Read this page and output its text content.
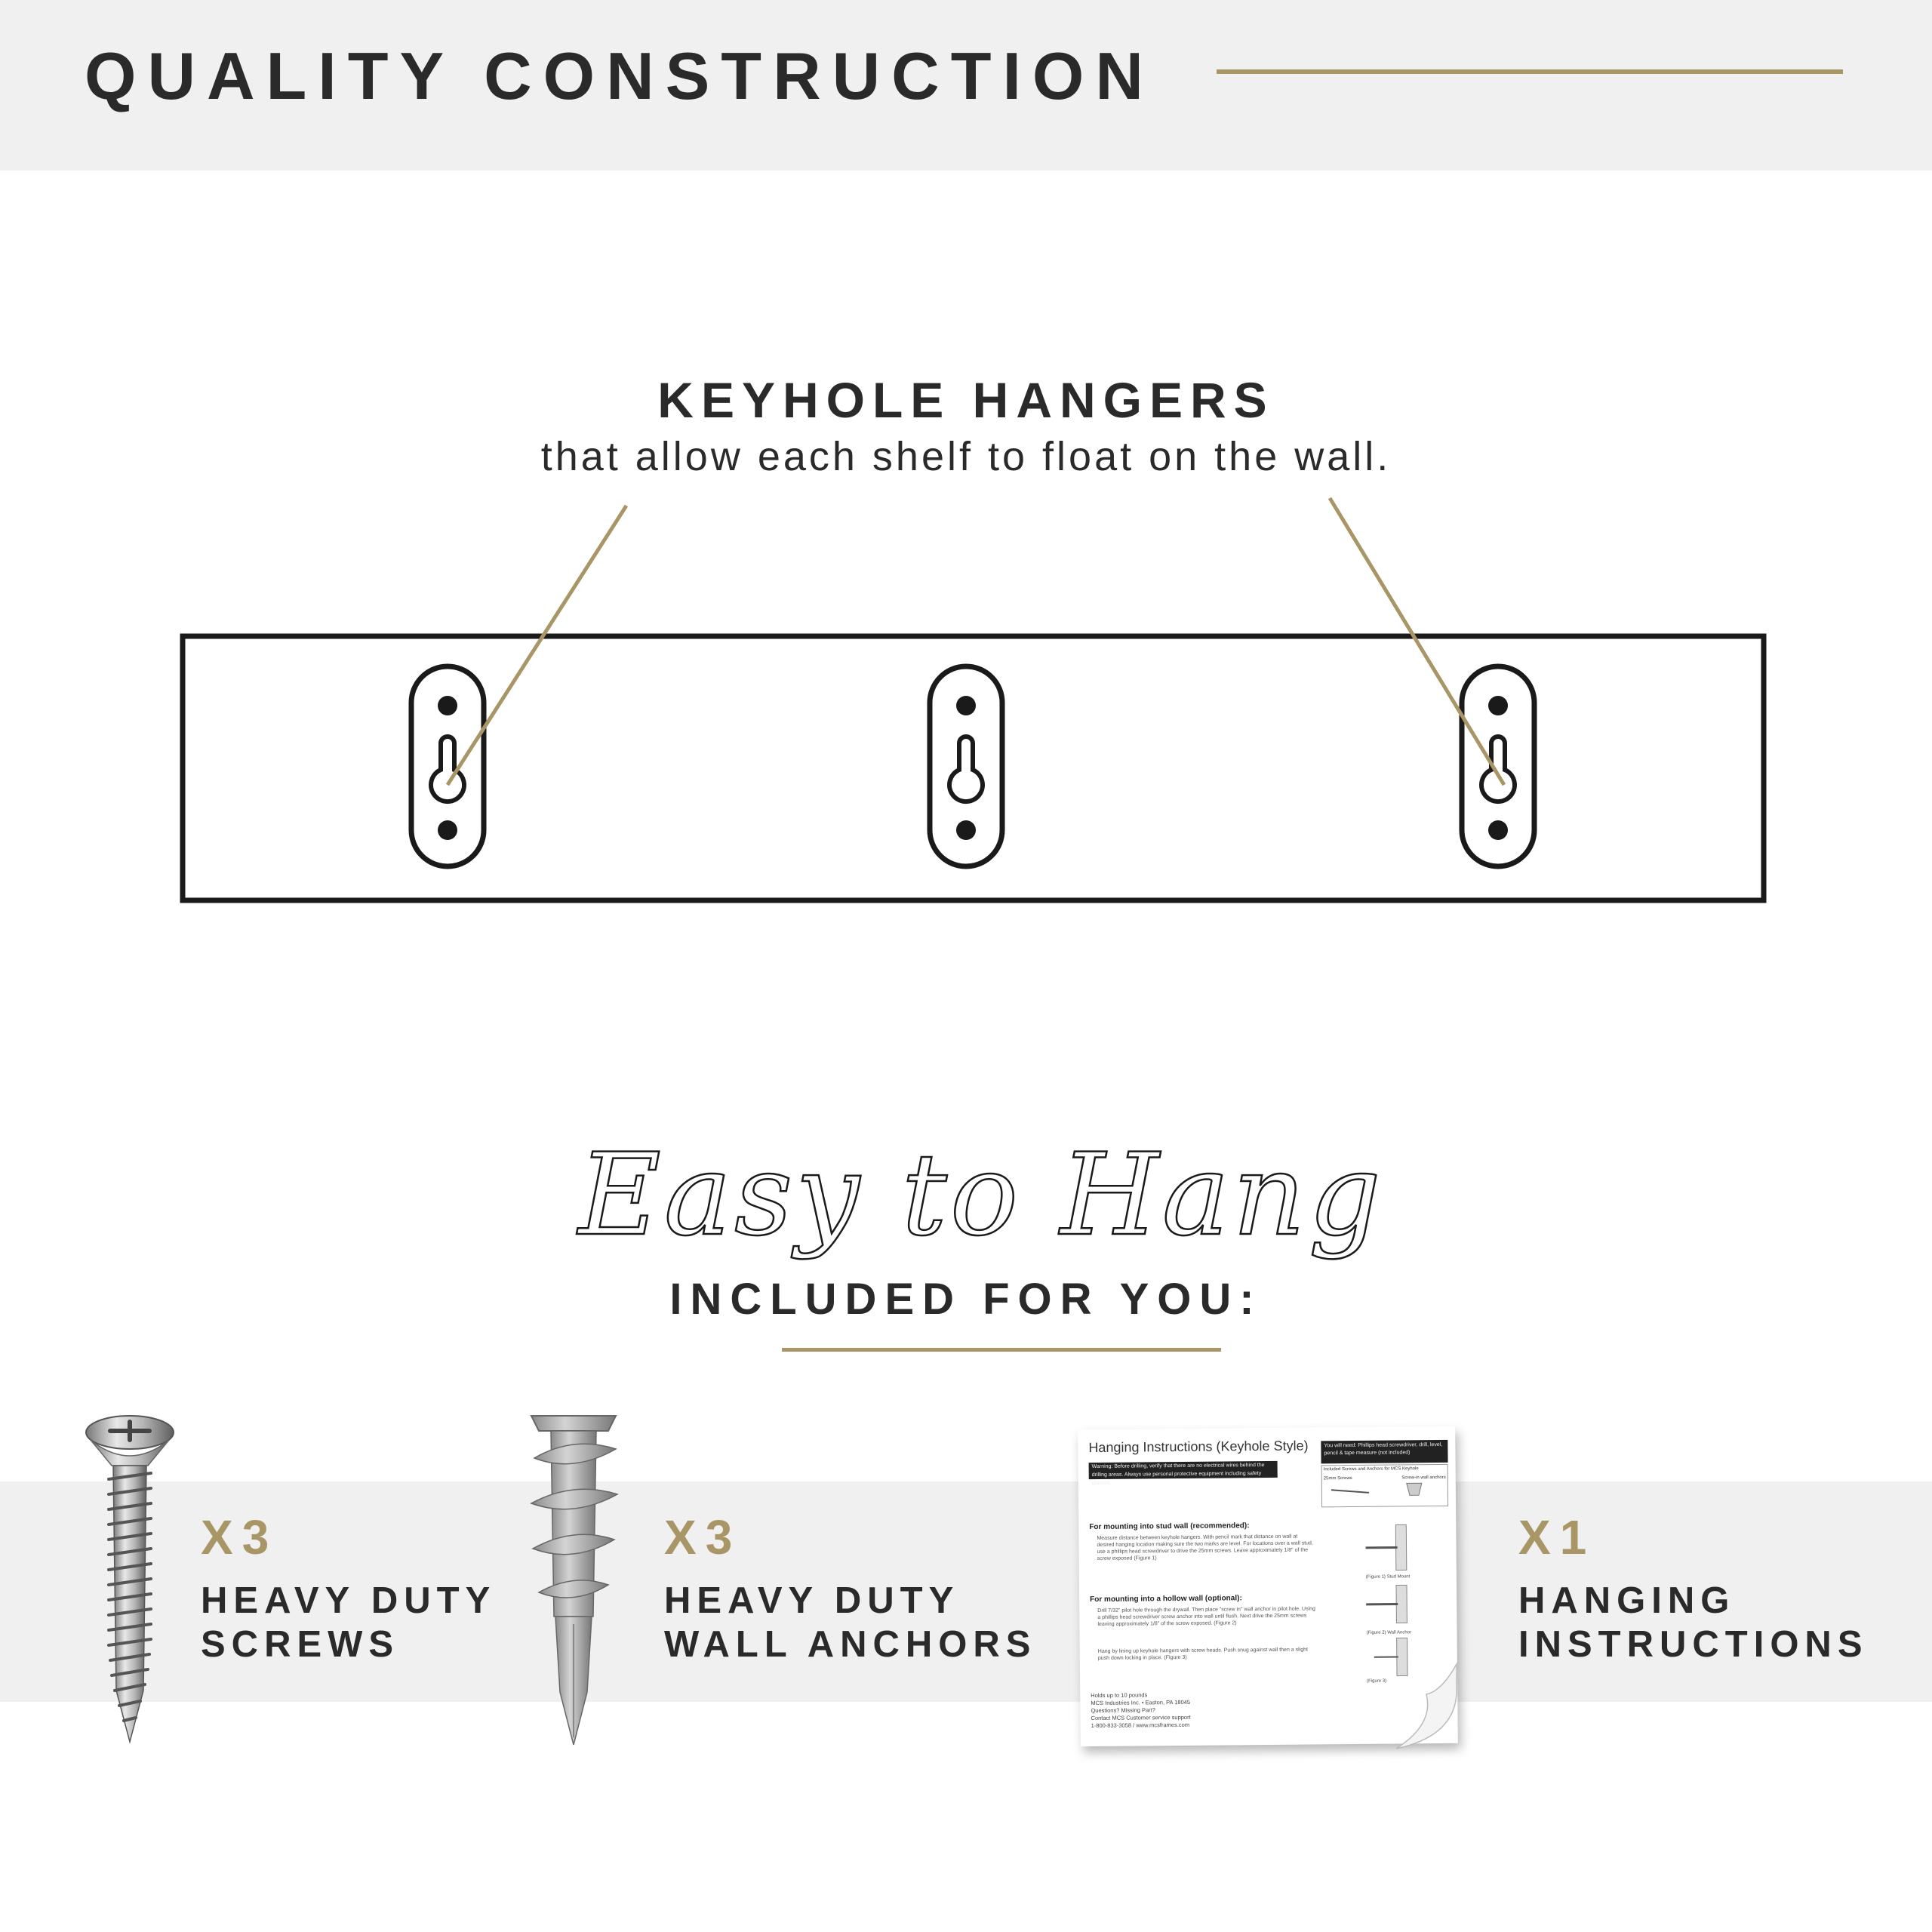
QUALITY CONSTRUCTION
KEYHOLE HANGERS
that allow each shelf to float on the wall.
Easy to Hang
INCLUDED FOR YOU:
X3
HEAVY DUTY
SCREWS
X3
HEAVY DUTY
WALL ANCHORS
Hanging Instructions (Keyhole Style)
Warning: Before drilling, verify that there are no electrical wires behind the drilling areas. Always use personal protective equipment including safety glasses.
You will need: Phillips head screwdriver, drill, level, pencil & tape measure (not included)
Included Screws and Anchors for MCS Keyhole
25mm Screws	Screw-in wall anchors
For mounting into stud wall (recommended):
Measure distance between keyhole hangers. With pencil mark that distance on wall at desired hanging location making sure the two marks are level. For locations over a wall stud, use a phillips head screwdriver to drive the 25mm screws. Leave approximately 1/8" of the screw exposed (Figure 1)
For mounting into a hollow wall (optional):
Drill 7/32" pilot hole through the drywall. Then place "screw in" wall anchor in pilot hole. Using a phillips head screwdriver screw anchor into wall until flush. Next drive the 25mm screws leaving approximately 1/8" of the screw exposed. (Figure 2)
Hang by lining up keyhole hangers with screw heads. Push snug against wall then a slight push down locking in place. (Figure 3)
Holds up to 10 pounds
MCS Industries Inc. • Easton, PA 18045
Questions? Missing Part?
Contact MCS Customer service support
1-800-833-3058 / www.mcsframes.com
(Figure 1) Stud Mount
(Figure 2) Wall Anchor
(Figure 3)
X1
HANGING
INSTRUCTIONS
